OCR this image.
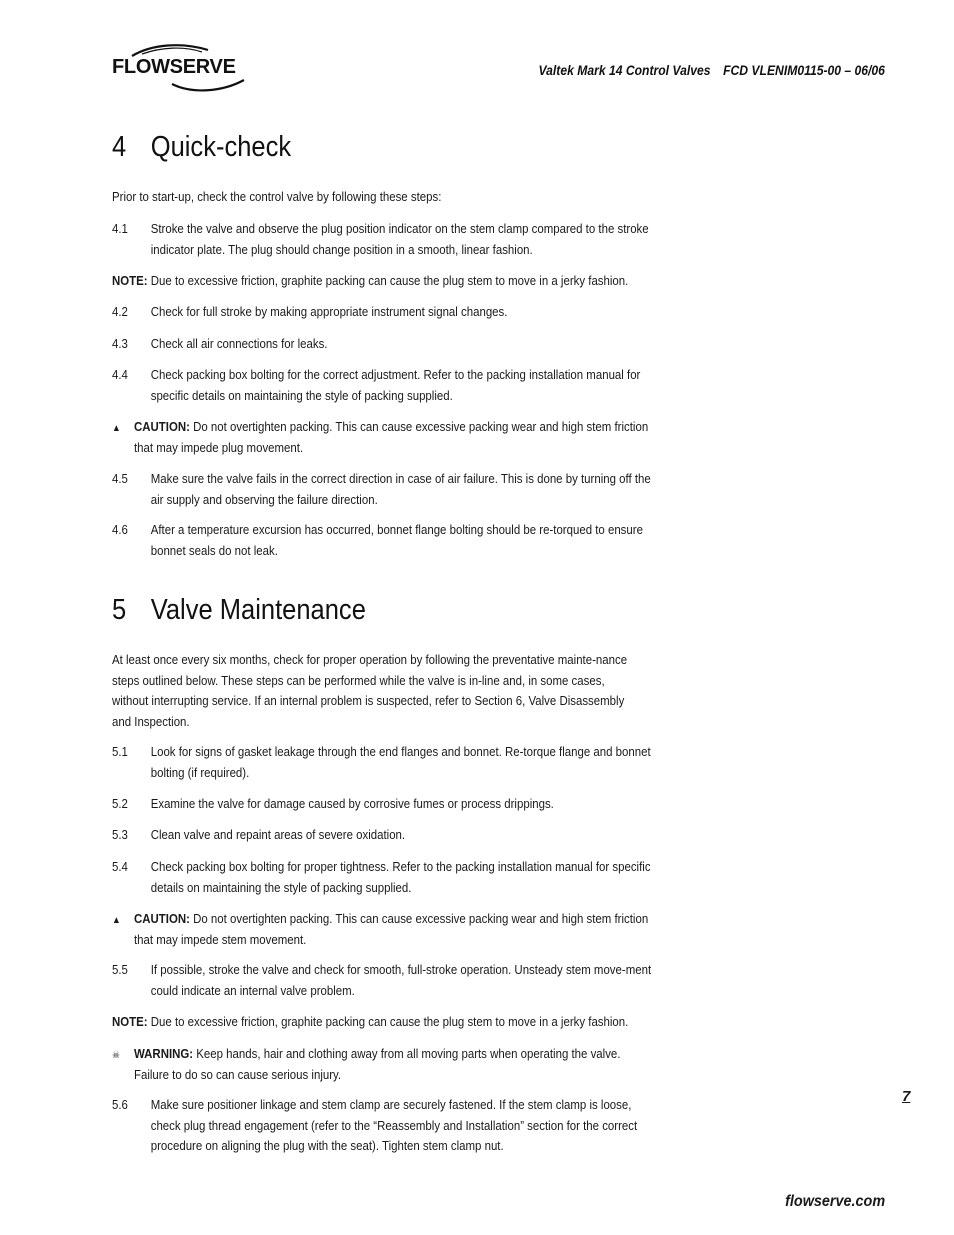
FLOWSERVE	Valtek Mark 14 Control Valves FCD VLENIM0115-00 – 06/06
4 Quick-check

Prior to start-up, check the control valve by following these steps:

4.1 Stroke the valve and observe the plug position indicator on the stem clamp compared to the stroke indicator plate. The plug should change position in a smooth, linear fashion.
NOTE: Due to excessive friction, graphite packing can cause the plug stem to move in a jerky fashion.
4.2 Check for full stroke by making appropriate instrument signal changes.
4.3 Check all air connections for leaks.
4.4 Check packing box bolting for the correct adjustment. Refer to the packing installation manual for specific details on maintaining the style of packing supplied.
▲ CAUTION: Do not overtighten packing. This can cause excessive packing wear and high stem friction that may impede plug movement.
4.5 Make sure the valve fails in the correct direction in case of air failure. This is done by turning off the air supply and observing the failure direction.
4.6 After a temperature excursion has occurred, bonnet flange bolting should be re-torqued to ensure bonnet seals do not leak.
5 Valve Maintenance

At least once every six months, check for proper operation by following the preventative mainte-nance steps outlined below. These steps can be performed while the valve is in-line and, in some cases, without interrupting service. If an internal problem is suspected, refer to Section 6, Valve Disassembly and Inspection.

5.1 Look for signs of gasket leakage through the end flanges and bonnet. Re-torque flange and bonnet bolting (if required).
5.2 Examine the valve for damage caused by corrosive fumes or process drippings.
5.3 Clean valve and repaint areas of severe oxidation.
5.4 Check packing box bolting for proper tightness. Refer to the packing installation manual for specific details on maintaining the style of packing supplied.
▲ CAUTION: Do not overtighten packing. This can cause excessive packing wear and high stem friction that may impede stem movement.
5.5 If possible, stroke the valve and check for smooth, full-stroke operation. Unsteady stem move-ment could indicate an internal valve problem.
NOTE: Due to excessive friction, graphite packing can cause the plug stem to move in a jerky fashion.
☠ WARNING: Keep hands, hair and clothing away from all moving parts when operating the valve. Failure to do so can cause serious injury.
5.6 Make sure positioner linkage and stem clamp are securely fastened. If the stem clamp is loose, check plug thread engagement (refer to the “Reassembly and Installation” section for the correct procedure on aligning the plug with the seat). Tighten stem clamp nut.
7
flowserve.com
